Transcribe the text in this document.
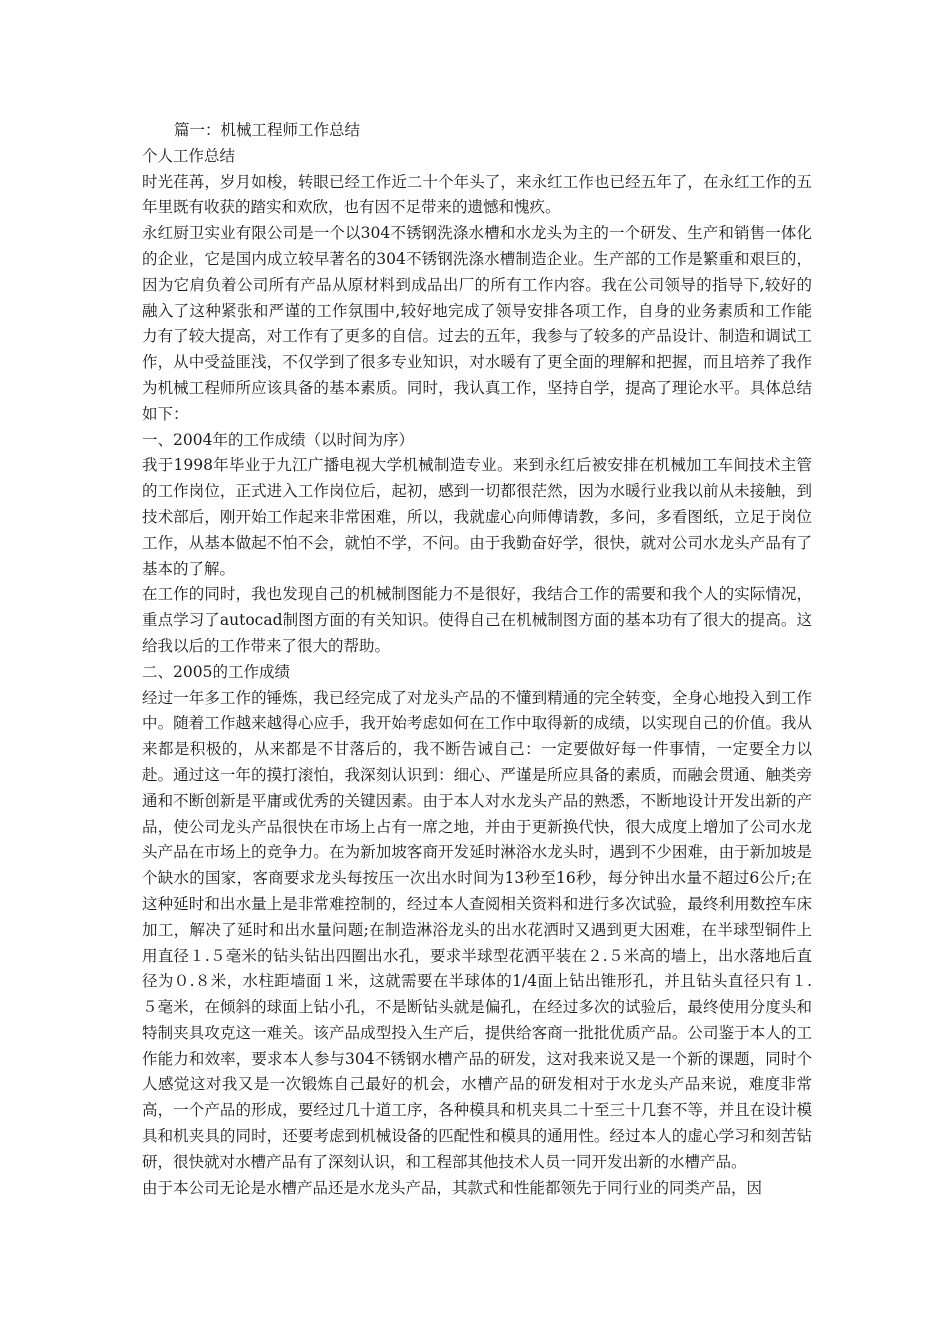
篇一：机械工程师工作总结
个人工作总结

时光荏苒，岁月如梭，转眼已经工作近二十个年头了，来永红工作也已经五年了，在永红工作的五年里既有收获的踏实和欢欣，也有因不足带来的遗憾和愧疚。

永红厨卫实业有限公司是一个以304不锈钢洗涤水槽和水龙头为主的一个研发、生产和销售一体化的企业，它是国内成立较早著名的304不锈钢洗涤水槽制造企业。生产部的工作是繁重和艰巨的，因为它肩负着公司所有产品从原材料到成品出厂的所有工作内容。我在公司领导的指导下,较好的融入了这种紧张和严谨的工作氛围中,较好地完成了领导安排各项工作，自身的业务素质和工作能力有了较大提高，对工作有了更多的自信。过去的五年，我参与了较多的产品设计、制造和调试工作，从中受益匪浅，不仅学到了很多专业知识，对水暖有了更全面的理解和把握，而且培养了我作为机械工程师所应该具备的基本素质。同时，我认真工作，坚持自学，提高了理论水平。具体总结如下：

一、2004年的工作成绩（以时间为序）

我于1998年毕业于九江广播电视大学机械制造专业。来到永红后被安排在机械加工车间技术主管的工作岗位，正式进入工作岗位后，起初，感到一切都很茫然，因为水暖行业我以前从未接触，到技术部后，刚开始工作起来非常困难，所以，我就虚心向师傅请教，多问，多看图纸，立足于岗位工作，从基本做起不怕不会，就怕不学，不问。由于我勤奋好学，很快，就对公司水龙头产品有了基本的了解。

在工作的同时，我也发现自己的机械制图能力不是很好，我结合工作的需要和我个人的实际情况，重点学习了autocad制图方面的有关知识。使得自己在机械制图方面的基本功有了很大的提高。这给我以后的工作带来了很大的帮助。

二、2005的工作成绩

经过一年多工作的锤炼，我已经完成了对龙头产品的不懂到精通的完全转变，全身心地投入到工作中。随着工作越来越得心应手，我开始考虑如何在工作中取得新的成绩，以实现自己的价值。我从来都是积极的，从来都是不甘落后的，我不断告诫自己：一定要做好每一件事情，一定要全力以赴。通过这一年的摸打滚怕，我深刻认识到：细心、严谨是所应具备的素质，而融会贯通、触类旁通和不断创新是平庸或优秀的关键因素。由于本人对水龙头产品的熟悉，不断地设计开发出新的产品，使公司龙头产品很快在市场上占有一席之地，并由于更新换代快，很大成度上增加了公司水龙头产品在市场上的竞争力。在为新加坡客商开发延时淋浴水龙头时，遇到不少困难，由于新加坡是个缺水的国家，客商要求龙头每按压一次出水时间为13秒至16秒，每分钟出水量不超过6公斤;在这种延时和出水量上是非常难控制的，经过本人查阅相关资料和进行多次试验，最终利用数控车床加工，解决了延时和出水量问题;在制造淋浴龙头的出水花洒时又遇到更大困难，在半球型铜件上用直径１.５毫米的钻头钻出四圈出水孔，要求半球型花洒平装在２.５米高的墙上，出水落地后直径为０.８米，水柱距墙面１米，这就需要在半球体的1/4面上钻出锥形孔，并且钻头直径只有１.５毫米，在倾斜的球面上钻小孔，不是断钻头就是偏孔，在经过多次的试验后，最终使用分度头和特制夹具攻克这一难关。该产品成型投入生产后，提供给客商一批批优质产品。公司鉴于本人的工作能力和效率，要求本人参与304不锈钢水槽产品的研发，这对我来说又是一个新的课题，同时个人感觉这对我又是一次锻炼自己最好的机会，水槽产品的研发相对于水龙头产品来说，难度非常高，一个产品的形成，要经过几十道工序，各种模具和机夹具二十至三十几套不等，并且在设计模具和机夹具的同时，还要考虑到机械设备的匹配性和模具的通用性。经过本人的虚心学习和刻苦钻研，很快就对水槽产品有了深刻认识，和工程部其他技术人员一同开发出新的水槽产品。

由于本公司无论是水槽产品还是水龙头产品，其款式和性能都领先于同行业的同类产品，因
